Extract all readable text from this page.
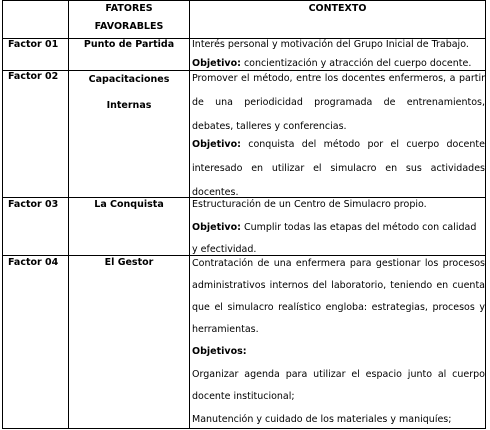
FATORES FAVORABLES
CONTEXTO
Factor 01	Punto de Partida	Interés personal y motivación del Grupo Inicial de Trabajo.
Objetivo: concientización y atracción del cuerpo docente.
Factor 02	Capacitaciones Internas
Promover el método, entre los docentes enfermeros, a partir de una periodicidad programada de entrenamientos, debates, talleres y conferencias.
Objetivo: conquista del método por el cuerpo docente interesado en utilizar el simulacro en sus actividades docentes.
Factor 03	La Conquista	Estructuración de un Centro de Simulacro propio.
Objetivo: Cumplir todas las etapas del método con calidad y efectividad.
Factor 04	El Gestor	Contratación de una enfermera para gestionar los procesos administrativos internos del laboratorio, teniendo en cuenta que el simulacro realístico engloba: estrategias, procesos y herramientas.
Objetivos:
Organizar agenda para utilizar el espacio junto al cuerpo docente institucional;
Manutención y cuidado de los materiales y maniquíes;
